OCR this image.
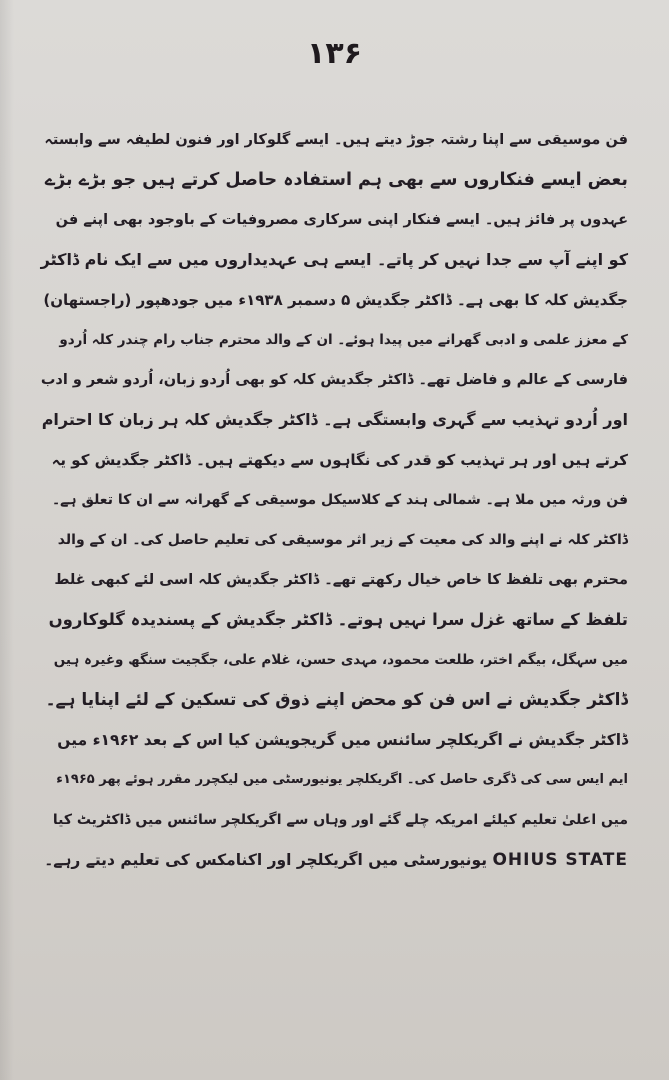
۱۳۶
فن موسیقی سے اپنا رشتہ جوڑ دیتے ہیں۔ ایسے گلوکار اور فنون لطیفہ سے وابستہ
بعض ایسے فنکاروں سے بھی ہم استفادہ حاصل کرتے ہیں جو بڑے بڑے
عہدوں پر فائز ہیں۔ ایسے فنکار اپنی سرکاری مصروفیات کے باوجود بھی اپنے فن
کو اپنے آپ سے جدا نہیں کر پاتے۔ ایسے ہی عہدیداروں میں سے ایک نام ڈاکٹر
جگدیش کلہ کا بھی ہے۔ ڈاکٹر جگدیش ۵ دسمبر ۱۹۳۸ء میں جودھپور (راجستھان)
کے معزز علمی و ادبی گھرانے میں پیدا ہوئے۔ ان کے والد محترم جناب رام چندر کلہ اُردو
فارسی کے عالم و فاضل تھے۔ ڈاکٹر جگدیش کلہ کو بھی اُردو زبان، اُردو شعر و ادب
اور اُردو تہذیب سے گہری وابستگی ہے۔ ڈاکٹر جگدیش کلہ ہر زبان کا احترام
کرتے ہیں اور ہر تہذیب کو قدر کی نگاہوں سے دیکھتے ہیں۔ ڈاکٹر جگدیش کو یہ
فن ورثہ میں ملا ہے۔ شمالی ہند کے کلاسیکل موسیقی کے گھرانہ سے ان کا تعلق ہے۔
ڈاکٹر کلہ نے اپنے والد کی معیت کے زیر اثر موسیقی کی تعلیم حاصل کی۔ ان کے والد
محترم بھی تلفظ کا خاص خیال رکھتے تھے۔ ڈاکٹر جگدیش کلہ اسی لئے کبھی غلط
تلفظ کے ساتھ غزل سرا نہیں ہوتے۔ ڈاکٹر جگدیش کے پسندیدہ گلوکاروں
میں سہگل، بیگم اختر، طلعت محمود، مہدی حسن، غلام علی، جگجیت سنگھ وغیرہ ہیں
ڈاکٹر جگدیش نے اس فن کو محض اپنے ذوق کی تسکین کے لئے اپنایا ہے۔
ڈاکٹر جگدیش نے اگریکلچر سائنس میں گریجویشن کیا اس کے بعد ۱۹۶۲ء میں
ایم ایس سی کی ڈگری حاصل کی۔ اگریکلچر یونیورسٹی میں لیکچرر مقرر ہوئے پھر ۱۹۶۵ء
میں اعلیٰ تعلیم کیلئے امریکہ چلے گئے اور وہاں سے اگریکلچر سائنس میں ڈاکٹریٹ کیا
OHIUS STATE یونیورسٹی میں اگریکلچر اور اکنامکس کی تعلیم دیتے رہے۔
